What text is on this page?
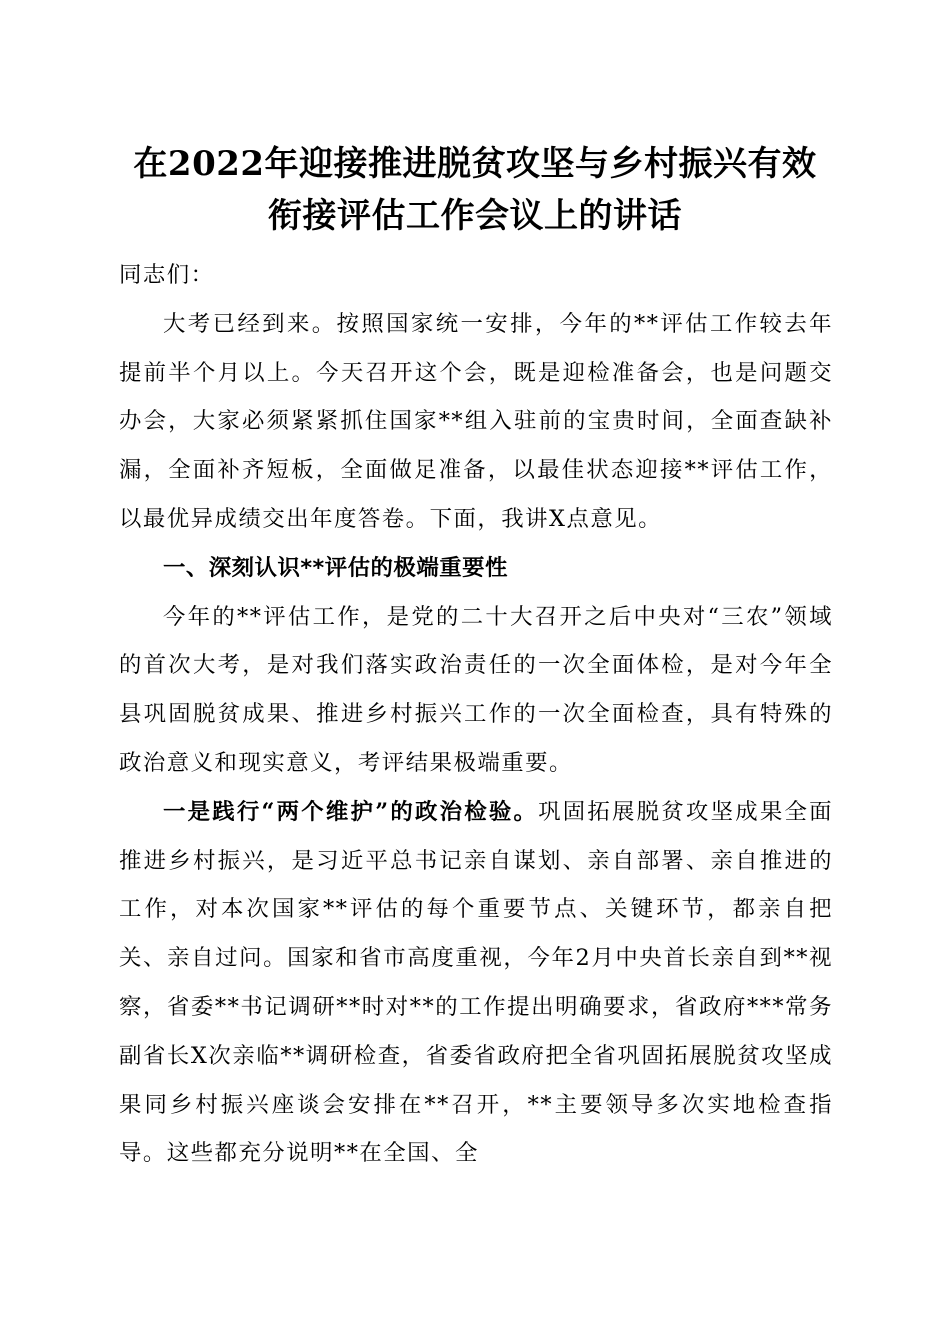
在2022年迎接推进脱贫攻坚与乡村振兴有效
衔接评估工作会议上的讲话

同志们：

大考已经到来。按照国家统一安排，今年的**评估工作较去年提前半个月以上。今天召开这个会，既是迎检准备会，也是问题交办会，大家必须紧紧抓住国家**组入驻前的宝贵时间，全面查缺补漏，全面补齐短板，全面做足准备，以最佳状态迎接**评估工作，以最优异成绩交出年度答卷。下面，我讲X点意见。

一、深刻认识**评估的极端重要性

今年的**评估工作，是党的二十大召开之后中央对“三农”领域的首次大考，是对我们落实政治责任的一次全面体检，是对今年全县巩固脱贫成果、推进乡村振兴工作的一次全面检查，具有特殊的政治意义和现实意义，考评结果极端重要。

一是践行“两个维护”的政治检验。巩固拓展脱贫攻坚成果全面推进乡村振兴，是习近平总书记亲自谋划、亲自部署、亲自推进的工作，对本次国家**评估的每个重要节点、关键环节，都亲自把关、亲自过问。国家和省市高度重视，今年2月中央首长亲自到**视察，省委**书记调研**时对**的工作提出明确要求，省政府***常务副省长X次亲临**调研检查，省委省政府把全省巩固拓展脱贫攻坚成果同乡村振兴座谈会安排在**召开，**主要领导多次实地检查指导。这些都充分说明**在全国、全
